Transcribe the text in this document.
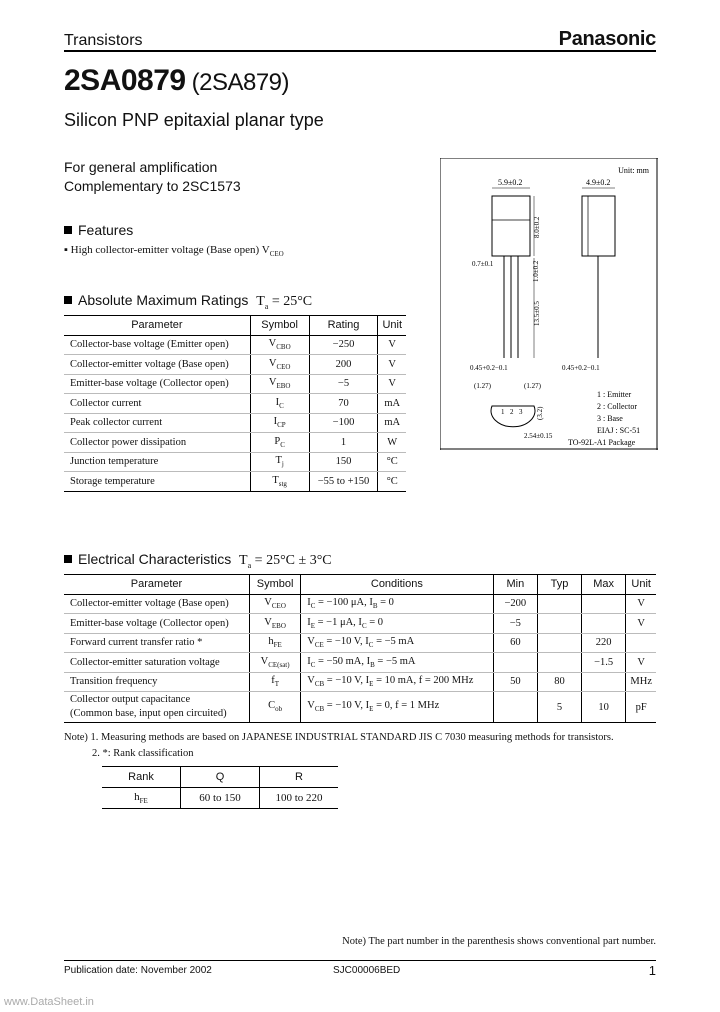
Transistors	Panasonic
2SA0879 (2SA879)
Silicon PNP epitaxial planar type
For general amplification
Complementary to 2SC1573
Features
▪ High collector-emitter voltage (Base open) $V_{CEO}$
Absolute Maximum Ratings $T_a = 25^\circ C$
Parameter	Symbol	Rating	Unit
Collector-base voltage (Emitter open)	$V_{CBO}$	−250	V
Collector-emitter voltage (Base open)	$V_{CEO}$	200	V
Emitter-base voltage (Collector open)	$V_{EBO}$	−5	V
Collector current	$I_C$	70	mA
Peak collector current	$I_{CP}$	−100	mA
Collector power dissipation	$P_C$	1	W
Junction temperature	$T_j$	150	°C
Storage temperature	$T_{stg}$	−55 to +150	°C
Unit: mm
5.9±0.2
8.0±0.2
0.7±0.1	1.0±0.2
13.5±0.5
0.45+0.2−0.1
4.9±0.2
0.45+0.2−0.1
(1.27)	(1.27)
1 2 3 (3.2)
2.54±0.15
1 : Emitter
2 : Collector
3 : Base
EIAJ : SC-51
TO-92L-A1 Package
Electrical Characteristics $T_a = 25^\circ C \pm 3^\circ C$
Parameter	Symbol	Conditions	Min	Typ	Max	Unit
Collector-emitter voltage (Base open)	$V_{CEO}$	$I_C = -100$ μA, $I_B = 0$	−200			V
Emitter-base voltage (Collector open)	$V_{EBO}$	$I_E = -1$ μA, $I_C = 0$	−5			V
Forward current transfer ratio *	$h_{FE}$	$V_{CE} = -10$ V, $I_C = -5$ mA	60		220	
Collector-emitter saturation voltage	$V_{CE(sat)}$	$I_C = -50$ mA, $I_B = -5$ mA			−1.5	V
Transition frequency	$f_T$	$V_{CB} = -10$ V, $I_E = 10$ mA, f = 200 MHz	50	80		MHz
Collector output capacitance
(Common base, input open circuited)	$C_{ob}$	$V_{CB} = -10$ V, $I_E = 0$, f = 1 MHz		5	10	pF
Note) 1. Measuring methods are based on JAPANESE INDUSTRIAL STANDARD JIS C 7030 measuring methods for transistors.
2. *: Rank classification
Rank	Q	R
$h_{FE}$	60 to 150	100 to 220
Note) The part number in the parenthesis shows conventional part number.
Publication date: November 2002	SJC00006BED	1
www.DataSheet.in
